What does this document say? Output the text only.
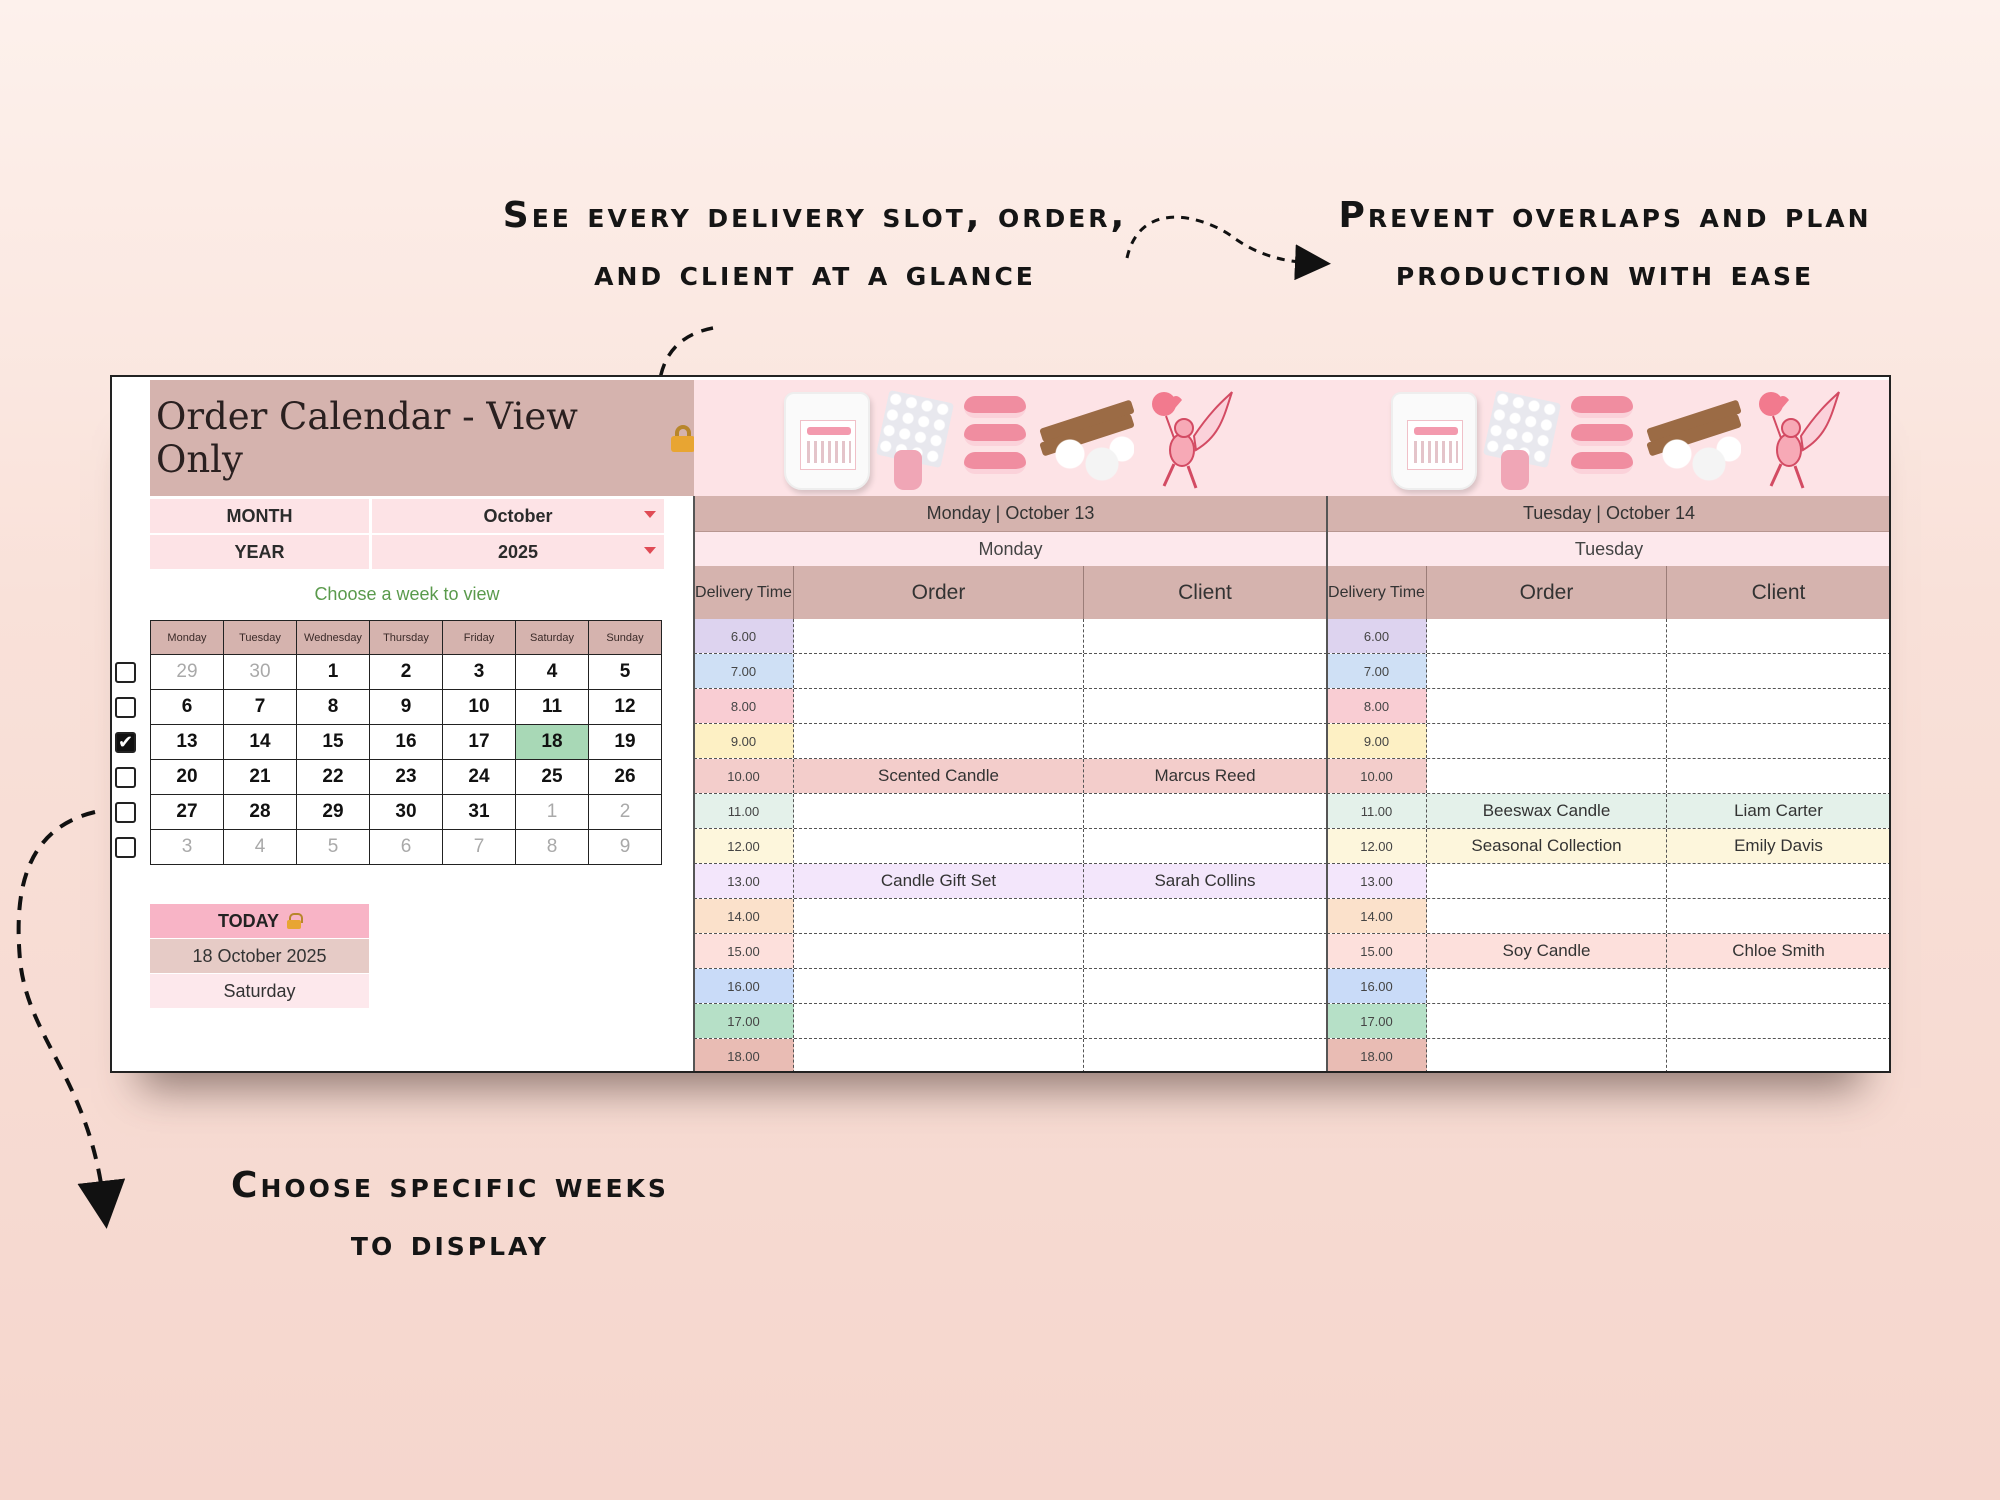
See every delivery slot, order,
and client at a glance
Prevent overlaps and plan
production with ease
Choose specific weeks
to display
Order Calendar - View Only
MONTH	October
YEAR	2025
Choose a week to view
Monday	Tuesday	Wednesday	Thursday	Friday	Saturday	Sunday
29	30	1	2	3	4	5
6	7	8	9	10	11	12
13	14	15	16	17	18	19
20	21	22	23	24	25	26
27	28	29	30	31	1	2
3	4	5	6	7	8	9
✔
TODAY
18 October 2025
Saturday
Monday | October 13
Monday
Delivery Time	Order	Client
6.00
7.00
8.00
9.00
10.00	Scented Candle	Marcus Reed
11.00
12.00
13.00	Candle Gift Set	Sarah Collins
14.00
15.00
16.00
17.00
18.00
Tuesday | October 14
Tuesday
Delivery Time	Order	Client
6.00
7.00
8.00
9.00
10.00
11.00	Beeswax Candle	Liam Carter
12.00	Seasonal Collection	Emily Davis
13.00
14.00
15.00	Soy Candle	Chloe Smith
16.00
17.00
18.00
